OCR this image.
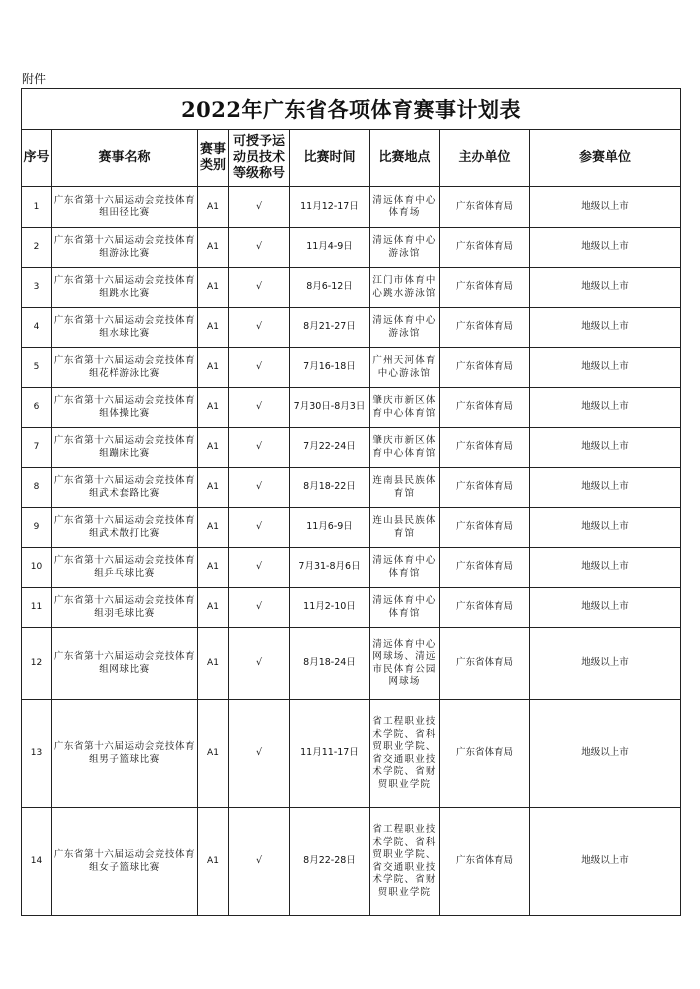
附件
2022年广东省各项体育赛事计划表							
序号	赛事名称	赛事类别	可授予运动员技术等级称号	比赛时间	比赛地点	主办单位	参赛单位
1	广东省第十六届运动会竞技体育组田径比赛	A1	√	11月12-17日	清远体育中心体育场	广东省体育局	地级以上市
2	广东省第十六届运动会竞技体育组游泳比赛	A1	√	11月4-9日	清远体育中心游泳馆	广东省体育局	地级以上市
3	广东省第十六届运动会竞技体育组跳水比赛	A1	√	8月6-12日	江门市体育中心跳水游泳馆	广东省体育局	地级以上市
4	广东省第十六届运动会竞技体育组水球比赛	A1	√	8月21-27日	清远体育中心游泳馆	广东省体育局	地级以上市
5	广东省第十六届运动会竞技体育组花样游泳比赛	A1	√	7月16-18日	广州天河体育中心游泳馆	广东省体育局	地级以上市
6	广东省第十六届运动会竞技体育组体操比赛	A1	√	7月30日-8月3日	肇庆市新区体育中心体育馆	广东省体育局	地级以上市
7	广东省第十六届运动会竞技体育组蹦床比赛	A1	√	7月22-24日	肇庆市新区体育中心体育馆	广东省体育局	地级以上市
8	广东省第十六届运动会竞技体育组武术套路比赛	A1	√	8月18-22日	连南县民族体育馆	广东省体育局	地级以上市
9	广东省第十六届运动会竞技体育组武术散打比赛	A1	√	11月6-9日	连山县民族体育馆	广东省体育局	地级以上市
10	广东省第十六届运动会竞技体育组乒乓球比赛	A1	√	7月31-8月6日	清远体育中心体育馆	广东省体育局	地级以上市
11	广东省第十六届运动会竞技体育组羽毛球比赛	A1	√	11月2-10日	清远体育中心体育馆	广东省体育局	地级以上市
12	广东省第十六届运动会竞技体育组网球比赛	A1	√	8月18-24日	清远体育中心网球场、清远市民体育公园网球场	广东省体育局	地级以上市
13	广东省第十六届运动会竞技体育组男子篮球比赛	A1	√	11月11-17日	省工程职业技术学院、省科贸职业学院、省交通职业技术学院、省财贸职业学院	广东省体育局	地级以上市
14	广东省第十六届运动会竞技体育组女子篮球比赛	A1	√	8月22-28日	省工程职业技术学院、省科贸职业学院、省交通职业技术学院、省财贸职业学院	广东省体育局	地级以上市
